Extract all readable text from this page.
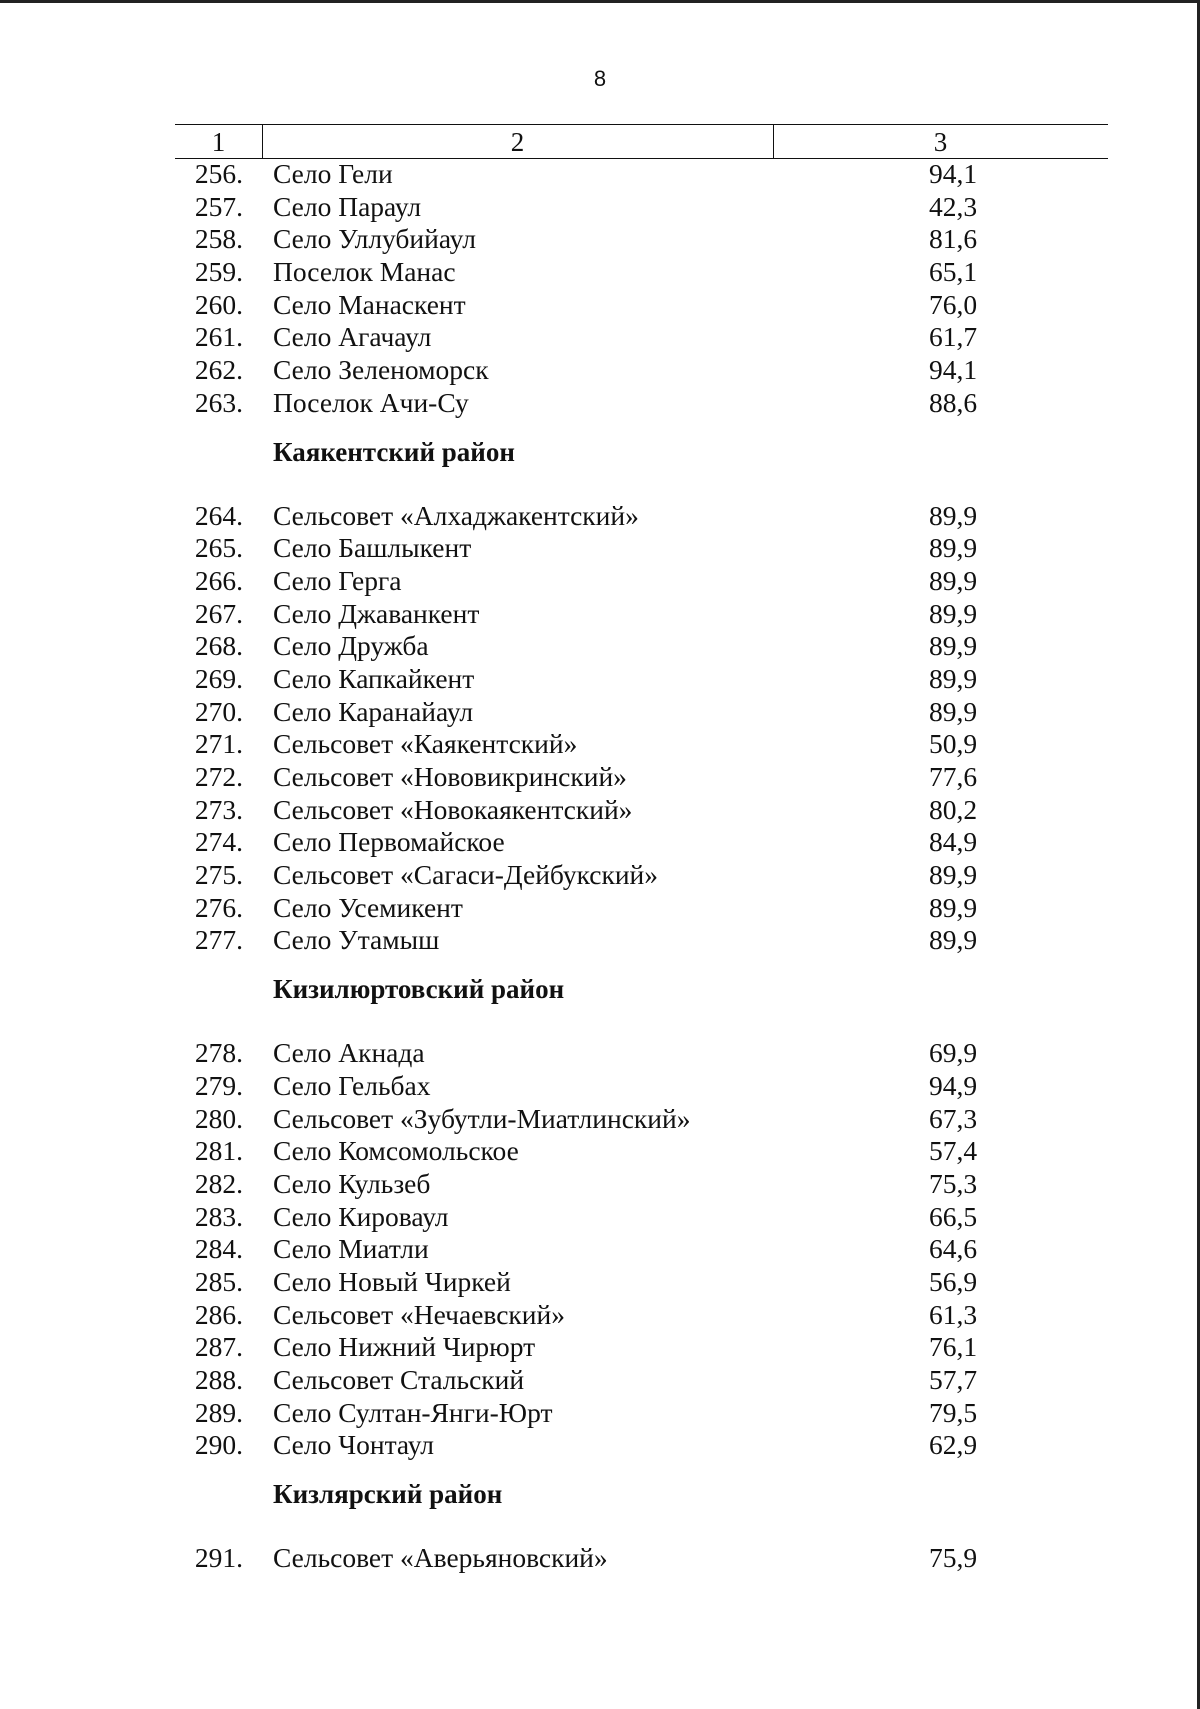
8
1	2	3
256. Село Гели	94,1
257. Село Параул	42,3
258. Село Уллубийаул	81,6
259. Поселок Манас	65,1
260. Село Манаскент	76,0
261. Село Агачаул	61,7
262. Село Зеленоморск	94,1
263. Поселок Ачи-Су	88,6
Каякентский район
264. Сельсовет «Алхаджакентский»	89,9
265. Село Башлыкент	89,9
266. Село Герга	89,9
267. Село Джаванкент	89,9
268. Село Дружба	89,9
269. Село Капкайкент	89,9
270. Село Каранайаул	89,9
271. Сельсовет «Каякентский»	50,9
272. Сельсовет «Нововикринский»	77,6
273. Сельсовет «Новокаякентский»	80,2
274. Село Первомайское	84,9
275. Сельсовет «Сагаси-Дейбукский»	89,9
276. Село Усемикент	89,9
277. Село Утамыш	89,9
Кизилюртовский район
278. Село Акнада	69,9
279. Село Гельбах	94,9
280. Сельсовет «Зубутли-Миатлинский»	67,3
281. Село Комсомольское	57,4
282. Село Кульзеб	75,3
283. Село Кироваул	66,5
284. Село Миатли	64,6
285. Село Новый Чиркей	56,9
286. Сельсовет «Нечаевский»	61,3
287. Село Нижний Чирюрт	76,1
288. Сельсовет Стальский	57,7
289. Село Султан-Янги-Юрт	79,5
290. Село Чонтаул	62,9
Кизлярский район
291. Сельсовет «Аверьяновский»	75,9
